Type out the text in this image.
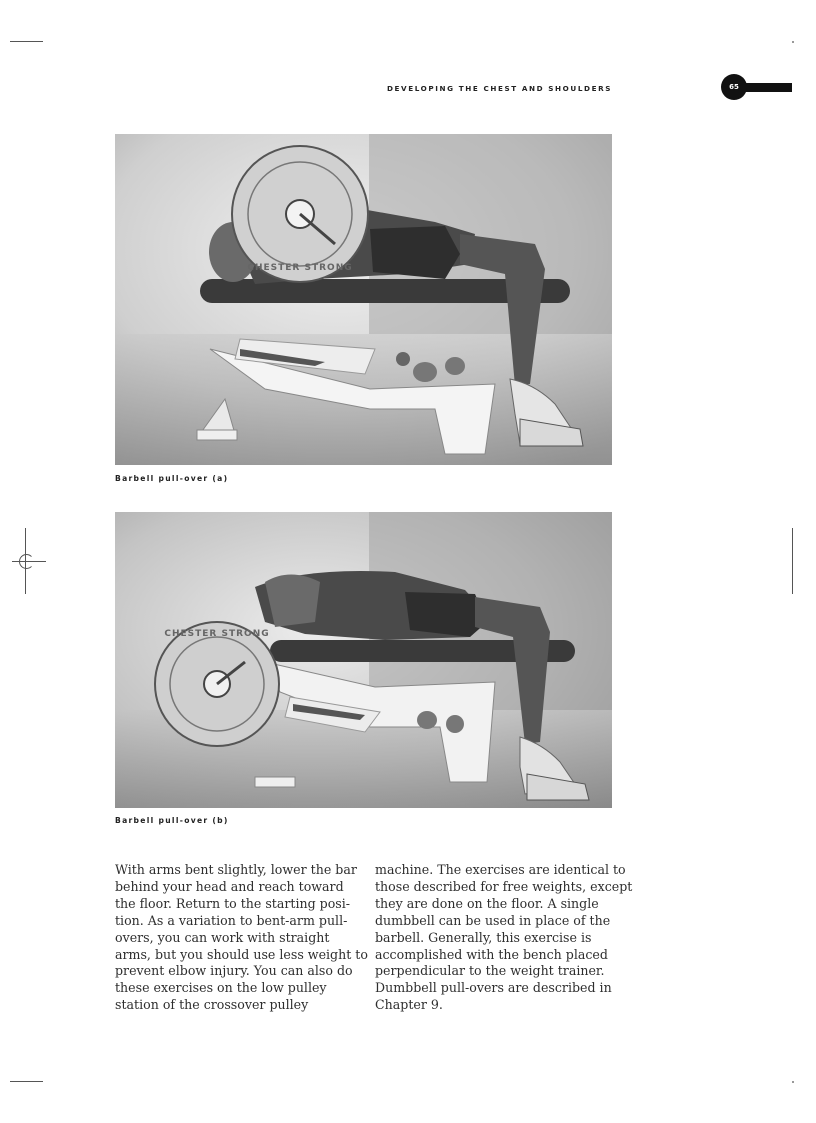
DEVELOPING THE CHEST AND SHOULDERS	65
CHESTER STRONG
Barbell pull-over (a)
CHESTER STRONG
Barbell pull-over (b)
With arms bent slightly, lower the bar
behind your head and reach toward
the floor. Return to the starting posi-
tion. As a variation to bent-arm pull-
overs, you can work with straight
arms, but you should use less weight to
prevent elbow injury. You can also do
these exercises on the low pulley
station of the crossover pulley
machine. The exercises are identical to
those described for free weights, except
they are done on the floor. A single
dumbbell can be used in place of the
barbell. Generally, this exercise is
accomplished with the bench placed
perpendicular to the weight trainer.
Dumbbell pull-overs are described in
Chapter 9.
